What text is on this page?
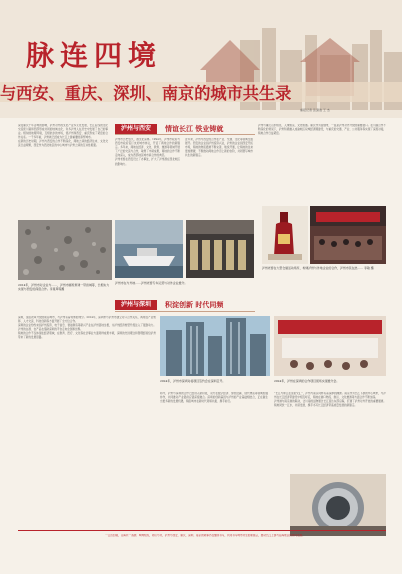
脉连四境
与西安、重庆、深圳、南京的城市共生录
重报记者 张潇逸 王 杰
深受重庆千年古城的影响，泸州对外的文化产业多元化发展，长江沿线的文化交流使川南和西部形成共同的地域文化，许多泸州人在历史中发展了自己的事业。相似的地理环境，互相依存的市场，使泸州和西安、重庆形成了紧密的合作关系。一千多年前，泸州就已经成为长江上游重要的商贸城市。
在新的历史时期，泸州与西安的合作不断深化，两地之间的经济往来、文化交流日益频繁，西安作为西北地区的中心城市与泸州之间的互补性极强。
泸州与西安	情谊长江 铁业铸就
泸州市历史悠久，酒文化深厚。1994年，泸州市政府与西安市政府签订友好城市协议，开启了两地合作的新篇章。多年来，两地在经济、文化、教育、旅游等领域开展了广泛的交流与合作，取得了丰硕成果，两地的合作不断走向深入，成为西部地区城市间合作的典范。
泸州老窖在西安设立了办事处，扩大了泸州酒在西北地区的影响力。
近年来，泸州与西安的合作在产业、交通、文化等领域全面展开。西安的企业到泸州投资兴业，泸州的企业到西安开拓市场，两地的物流通道不断完善，航线开通，让两地的往来更加便捷，不断推动两地合作迈上新的台阶，共同谱写城市共生的新篇章。
泸州与重庆山水相连，人缘相亲，文化相通。重庆作为直辖市，一直是泸州对外开放的重要窗口。在川渝合作不断深化的背景下，泸州积极融入成渝地区双城经济圈建设，与重庆的交通、产业、公共服务等实现了深度对接，两地合作日益紧密。
泸州老窖在大型仓储活动场所，构建泸州与外地企业的合作，泸州市民在此…… 李敏 摄
2014年，泸州市对企业与……，泸州市邮轮再建一带首城等，长相实力实现与西安的深度合作。李星辉等摄
泸州市在与外地……泸州老窖专车运营与对外企业推介。
泸州与深圳	积淀创新 时代同频
深圳，这座改革开放的前沿城市，与泸州有着特殊的缘分。2014年，深圳市与泸州市建立对口合作关系，两地在产业转移、人才交流、科技创新等方面开展了全方位合作。
深圳的企业纷纷来到泸州投资，电子信息、智能制造等新兴产业在泸州落地生根，为泸州经济转型升级注入了强劲动力。泸州的白酒、农产品也借助深圳的平台走向全国和世界。
两地的合作不仅体现在经济领域，在教育、医疗、文化等社会事业方面同样成果丰硕，深圳的先进理念和管理经验给泸州带来了新的发展思路。
2024年，泸州市深圳对接项目签约会在深圳召开。	2024年，泸州在深圳的合作项目现场实现推介会。
如今，泸州与深圳的合作已经进入新阶段，双方在数字经济、绿色低碳、现代物流等领域加强协作，共同推动产业链供应链深度融合。深圳的创新基因与泸州的产业基础相结合，正在催生出更多新的发展机遇，两座城市在新时代同频共振、携手前行。
“长江与珠江在这里交汇”，泸州与南京同样有着深厚的渊源。南京作为长江下游的中心城市，与泸州在长江经济带建设中相互呼应，两地在港口物流、航运、文化旅游等方面合作不断加深。
泸州港与南京港的联动，让川南的货物通过长江直达东部沿海，打通了泸州对外开放的重要通道。两地同饮一江水，共谋发展，携手书写长江经济带高质量发展的新篇章。
一江连四境，山海共一条脉；城城相连，命运与共，泸州与西安、重庆、深圳、南京的故事仍在继续书写，共同书写城市共生的新篇章，推动长江上游与沿海地区的协同发展。
